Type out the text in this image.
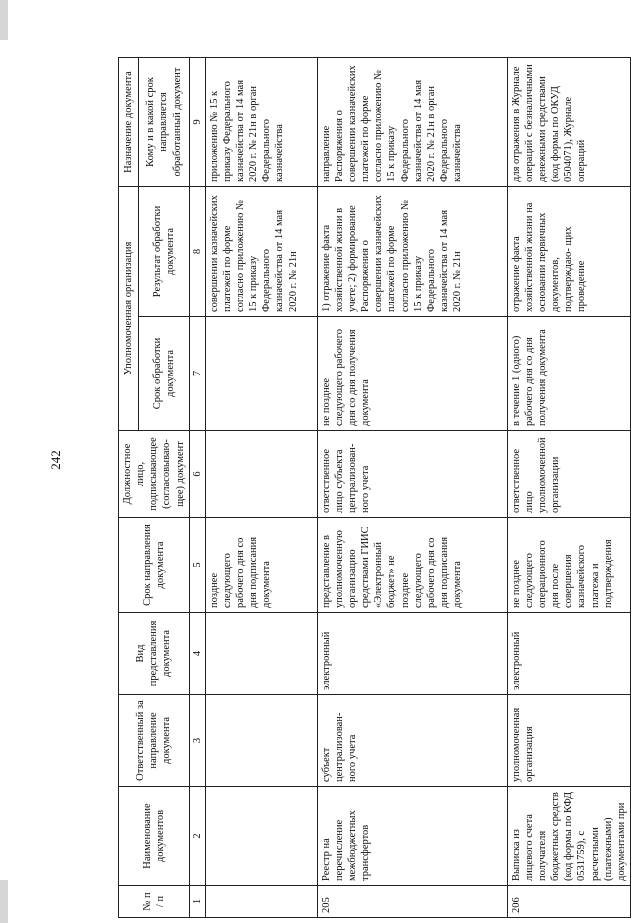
242
№ п / п	Наименование документов	Ответственный за направление документа	Вид представления документа	Срок направления документа	Должностное лицо, подписывающее (согласовываю- щее) документ	Уполномоченная организация		Назначение документа
						Срок обработки документа	Результат обработки документа	Кому и в какой срок направляется обработанный документ
1	2	3	4	5	6	7	8	9
				позднее следующего рабочего дня со дня подписания документа			совершении казначейских платежей по форме согласно приложению № 15 к приказу Федерального казначейства от 14 мая 2020 г. № 21н	приложению № 15 к приказу Федерального казначейства от 14 мая 2020 г. № 21н в орган Федерального казначейства
205	Реестр на перечисление межбюджетных трансфертов	субъект централизован- ного учета	электронный	представление в уполномоченную организацию средствами ГИИС «Электронный бюджет» не позднее следующего рабочего дня со дня подписания документа	ответственное лицо субъекта централизован- ного учета	не позднее следующего рабочего дня со дня получения документа	1) отражение факта хозяйственной жизни в учете; 2) формирование Распоряжения о совершении казначейских платежей по форме согласно приложению № 15 к приказу Федерального казначейства от 14 мая 2020 г. № 21н	направление Распоряжения о совершении казначейских платежей по форме согласно приложению № 15 к приказу Федерального казначейства от 14 мая 2020 г. № 21н в орган Федерального казначейства
206	Выписка из лицевого счета получателя бюджетных средств (код формы по КФД 0531759), с расчетными (платежными) документами при	уполномоченная организация	электронный	не позднее следующего операционного дня после совершения казначейского платежа и подтверждения	ответственное лицо уполномоченной организации	в течение 1 (одного) рабочего дня со дня получения документа	отражение факта хозяйственной жизни на основании первичных документов, подтверждаю- щих проведение	для отражения в Журнале операций с безналичными денежными средствами (код формы по ОКУД 0504071), Журнале операций
